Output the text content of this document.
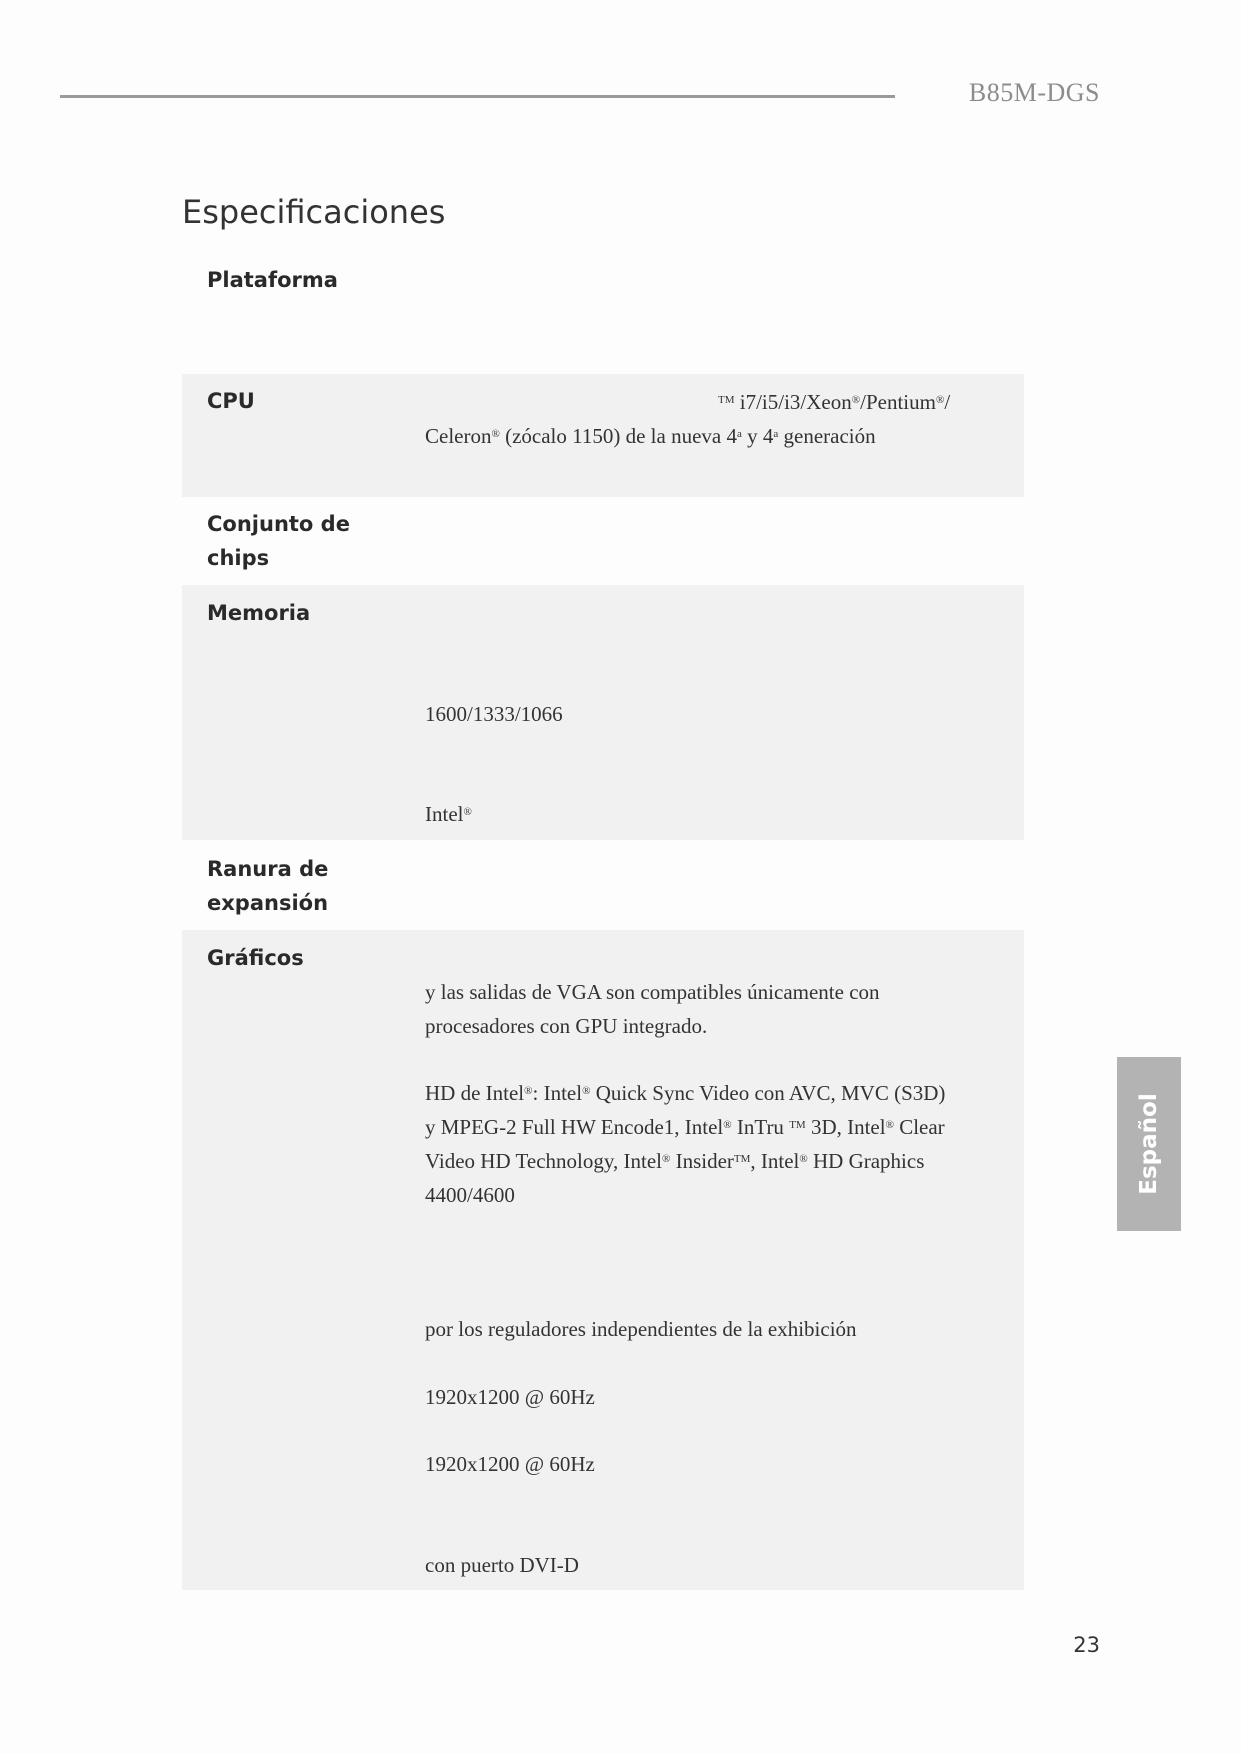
B85M-DGS
Especificaciones
Plataforma
CPU	™ i7/i5/i3/Xeon®/Pentium®/
Celeron® (zócalo 1150) de la nueva 4$^a$ y 4$^a$ generación
Conjunto de
chips
Memoria
1600/1333/1066
Intel®
Ranura de
expansión
Gráficos
y las salidas de VGA son compatibles únicamente con
procesadores con GPU integrado.
HD de Intel®: Intel® Quick Sync Video con AVC, MVC (S3D)
y MPEG-2 Full HW Encode1, Intel® InTru ™ 3D, Intel® Clear
Video HD Technology, Intel® Insider™, Intel® HD Graphics
4400/4600
por los reguladores independientes de la exhibición
1920x1200 @ 60Hz
1920x1200 @ 60Hz
con puerto DVI-D
Español
23
